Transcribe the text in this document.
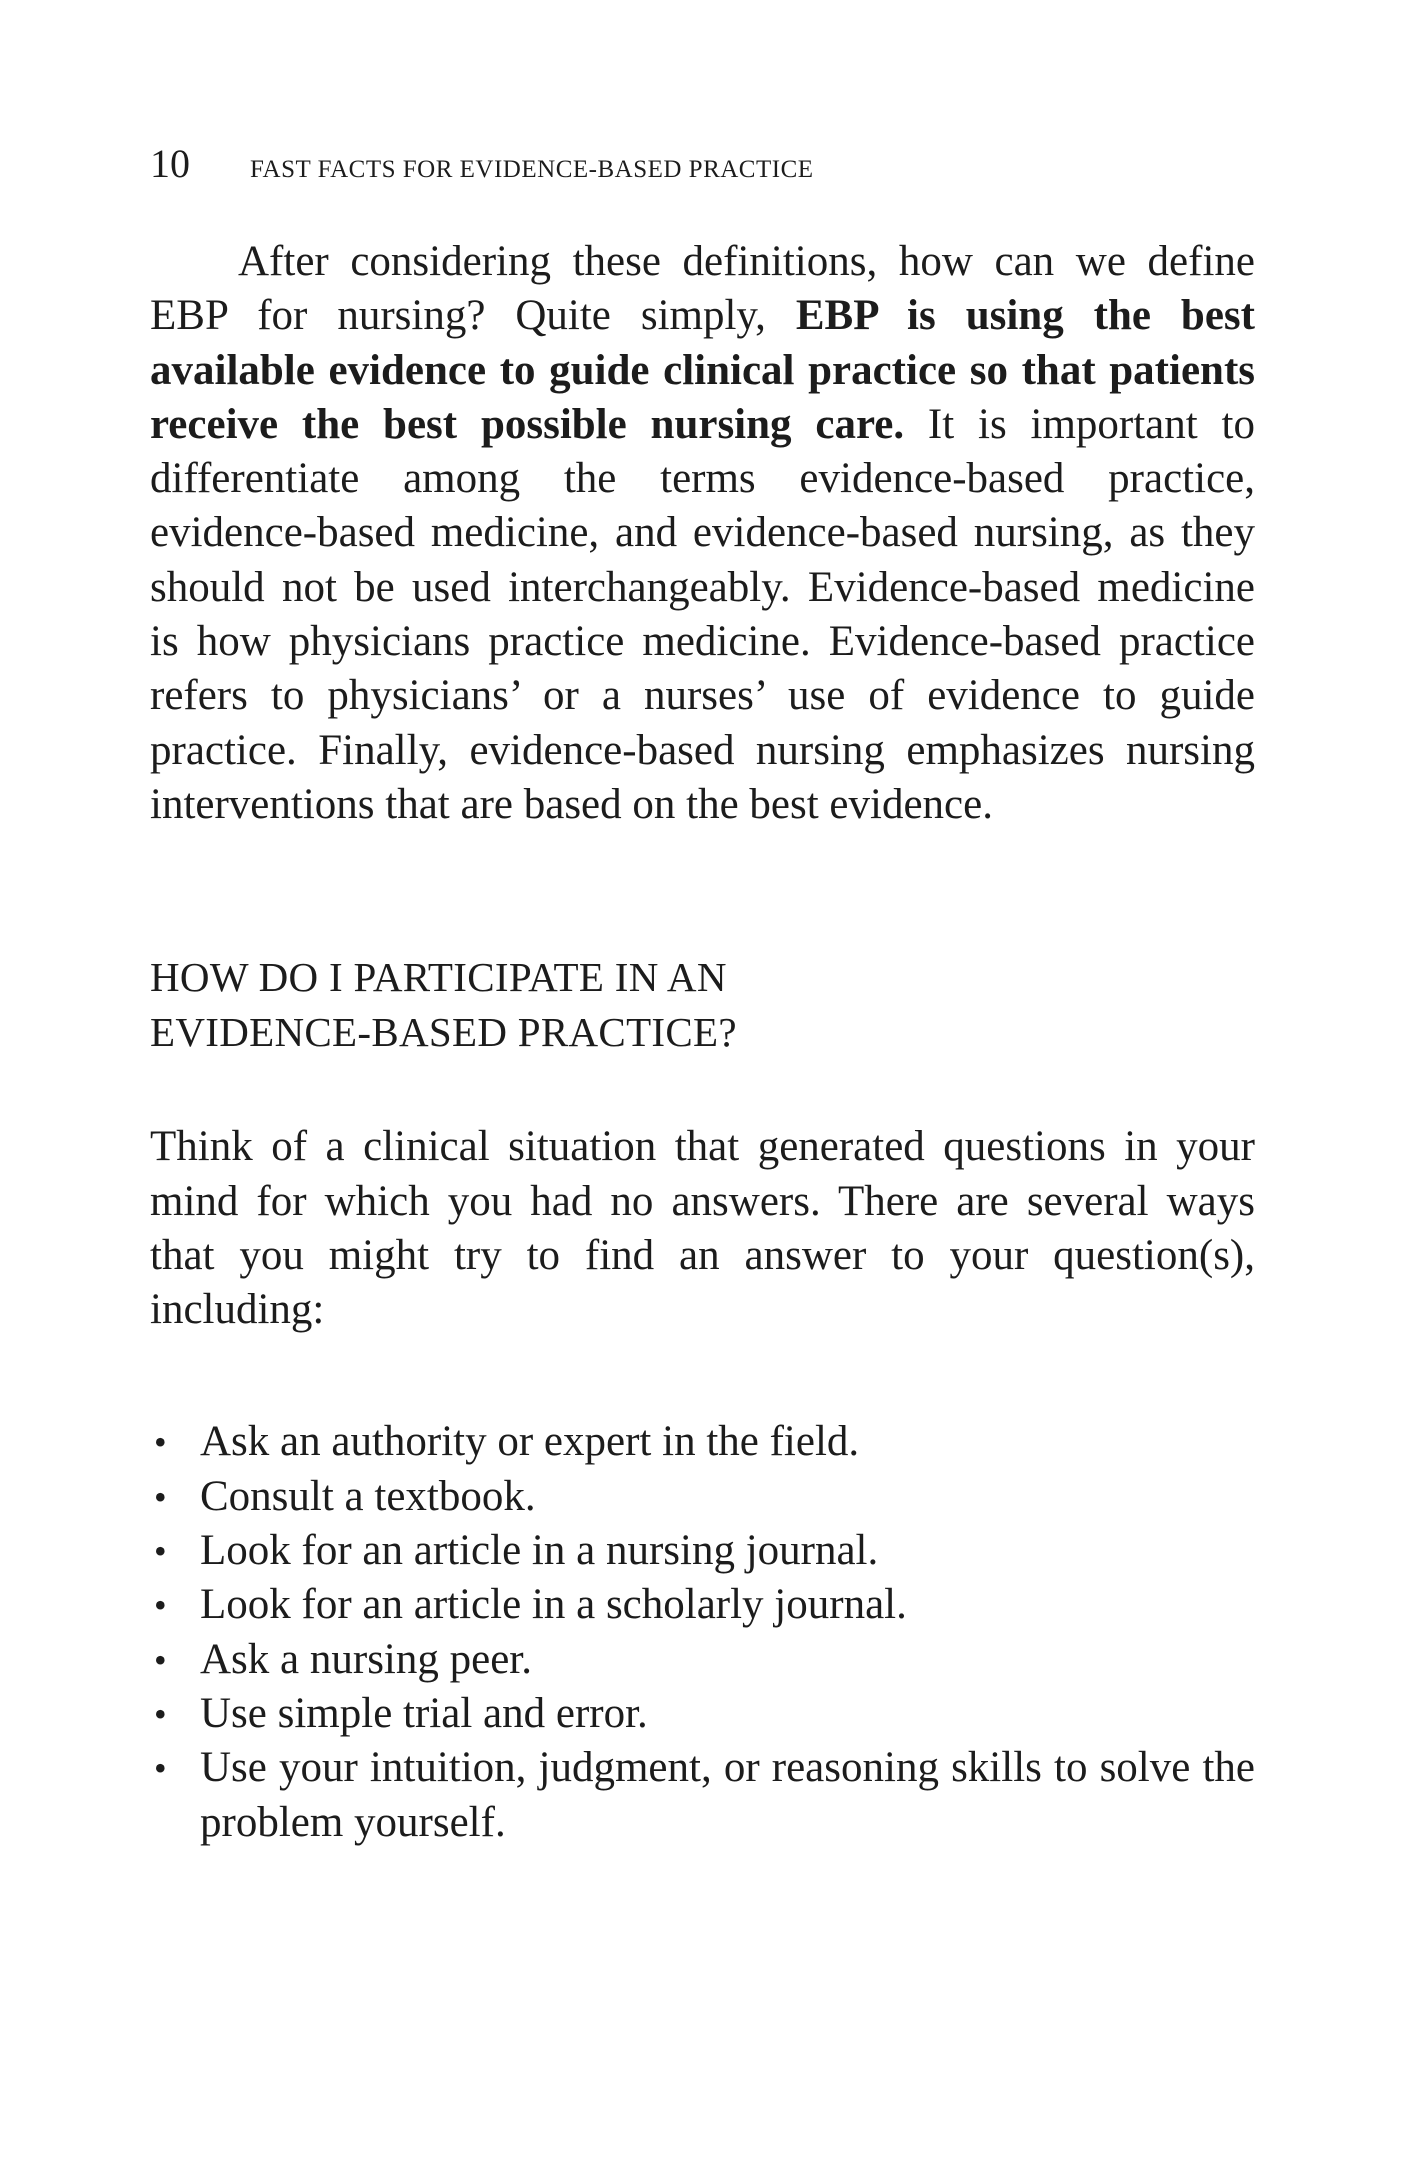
10 FAST FACTS FOR EVIDENCE-BASED PRACTICE

After considering these definitions, how can we define EBP for nursing? Quite simply, EBP is using the best available evidence to guide clinical practice so that patients receive the best possible nursing care. It is important to differentiate among the terms evidence-based practice, evidence-based medicine, and evidence-based nursing, as they should not be used interchangeably. Evidence-based medicine is how physicians practice medicine. Evidence-based practice refers to physicians’ or a nurses’ use of evidence to guide practice. Finally, evidence-based nursing emphasizes nursing interventions that are based on the best evidence.

HOW DO I PARTICIPATE IN AN
EVIDENCE-BASED PRACTICE?

Think of a clinical situation that generated questions in your mind for which you had no answers. There are several ways that you might try to find an answer to your question(s), including:

• Ask an authority or expert in the field.
• Consult a textbook.
• Look for an article in a nursing journal.
• Look for an article in a scholarly journal.
• Ask a nursing peer.
• Use simple trial and error.
• Use your intuition, judgment, or reasoning skills to solve the problem yourself.
